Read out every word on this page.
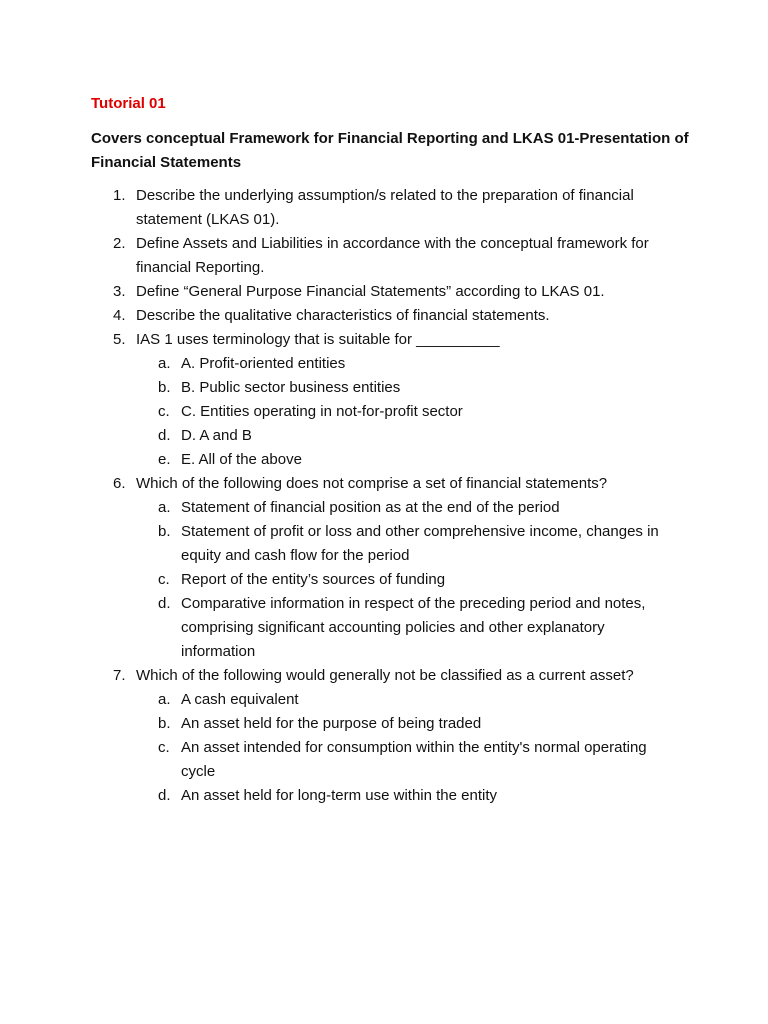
Tutorial 01
Covers conceptual Framework for Financial Reporting and LKAS 01-Presentation of Financial Statements
1. Describe the underlying assumption/s related to the preparation of financial statement (LKAS 01).
2. Define Assets and Liabilities in accordance with the conceptual framework for financial Reporting.
3. Define “General Purpose Financial Statements” according to LKAS 01.
4. Describe the qualitative characteristics of financial statements.
5. IAS 1 uses terminology that is suitable for __________
a. A. Profit-oriented entities
b. B. Public sector business entities
c. C. Entities operating in not-for-profit sector
d. D. A and B
e. E. All of the above
6. Which of the following does not comprise a set of financial statements?
a. Statement of financial position as at the end of the period
b. Statement of profit or loss and other comprehensive income, changes in equity and cash flow for the period
c. Report of the entity’s sources of funding
d. Comparative information in respect of the preceding period and notes, comprising significant accounting policies and other explanatory information
7. Which of the following would generally not be classified as a current asset?
a. A cash equivalent
b. An asset held for the purpose of being traded
c. An asset intended for consumption within the entity's normal operating cycle
d. An asset held for long-term use within the entity
